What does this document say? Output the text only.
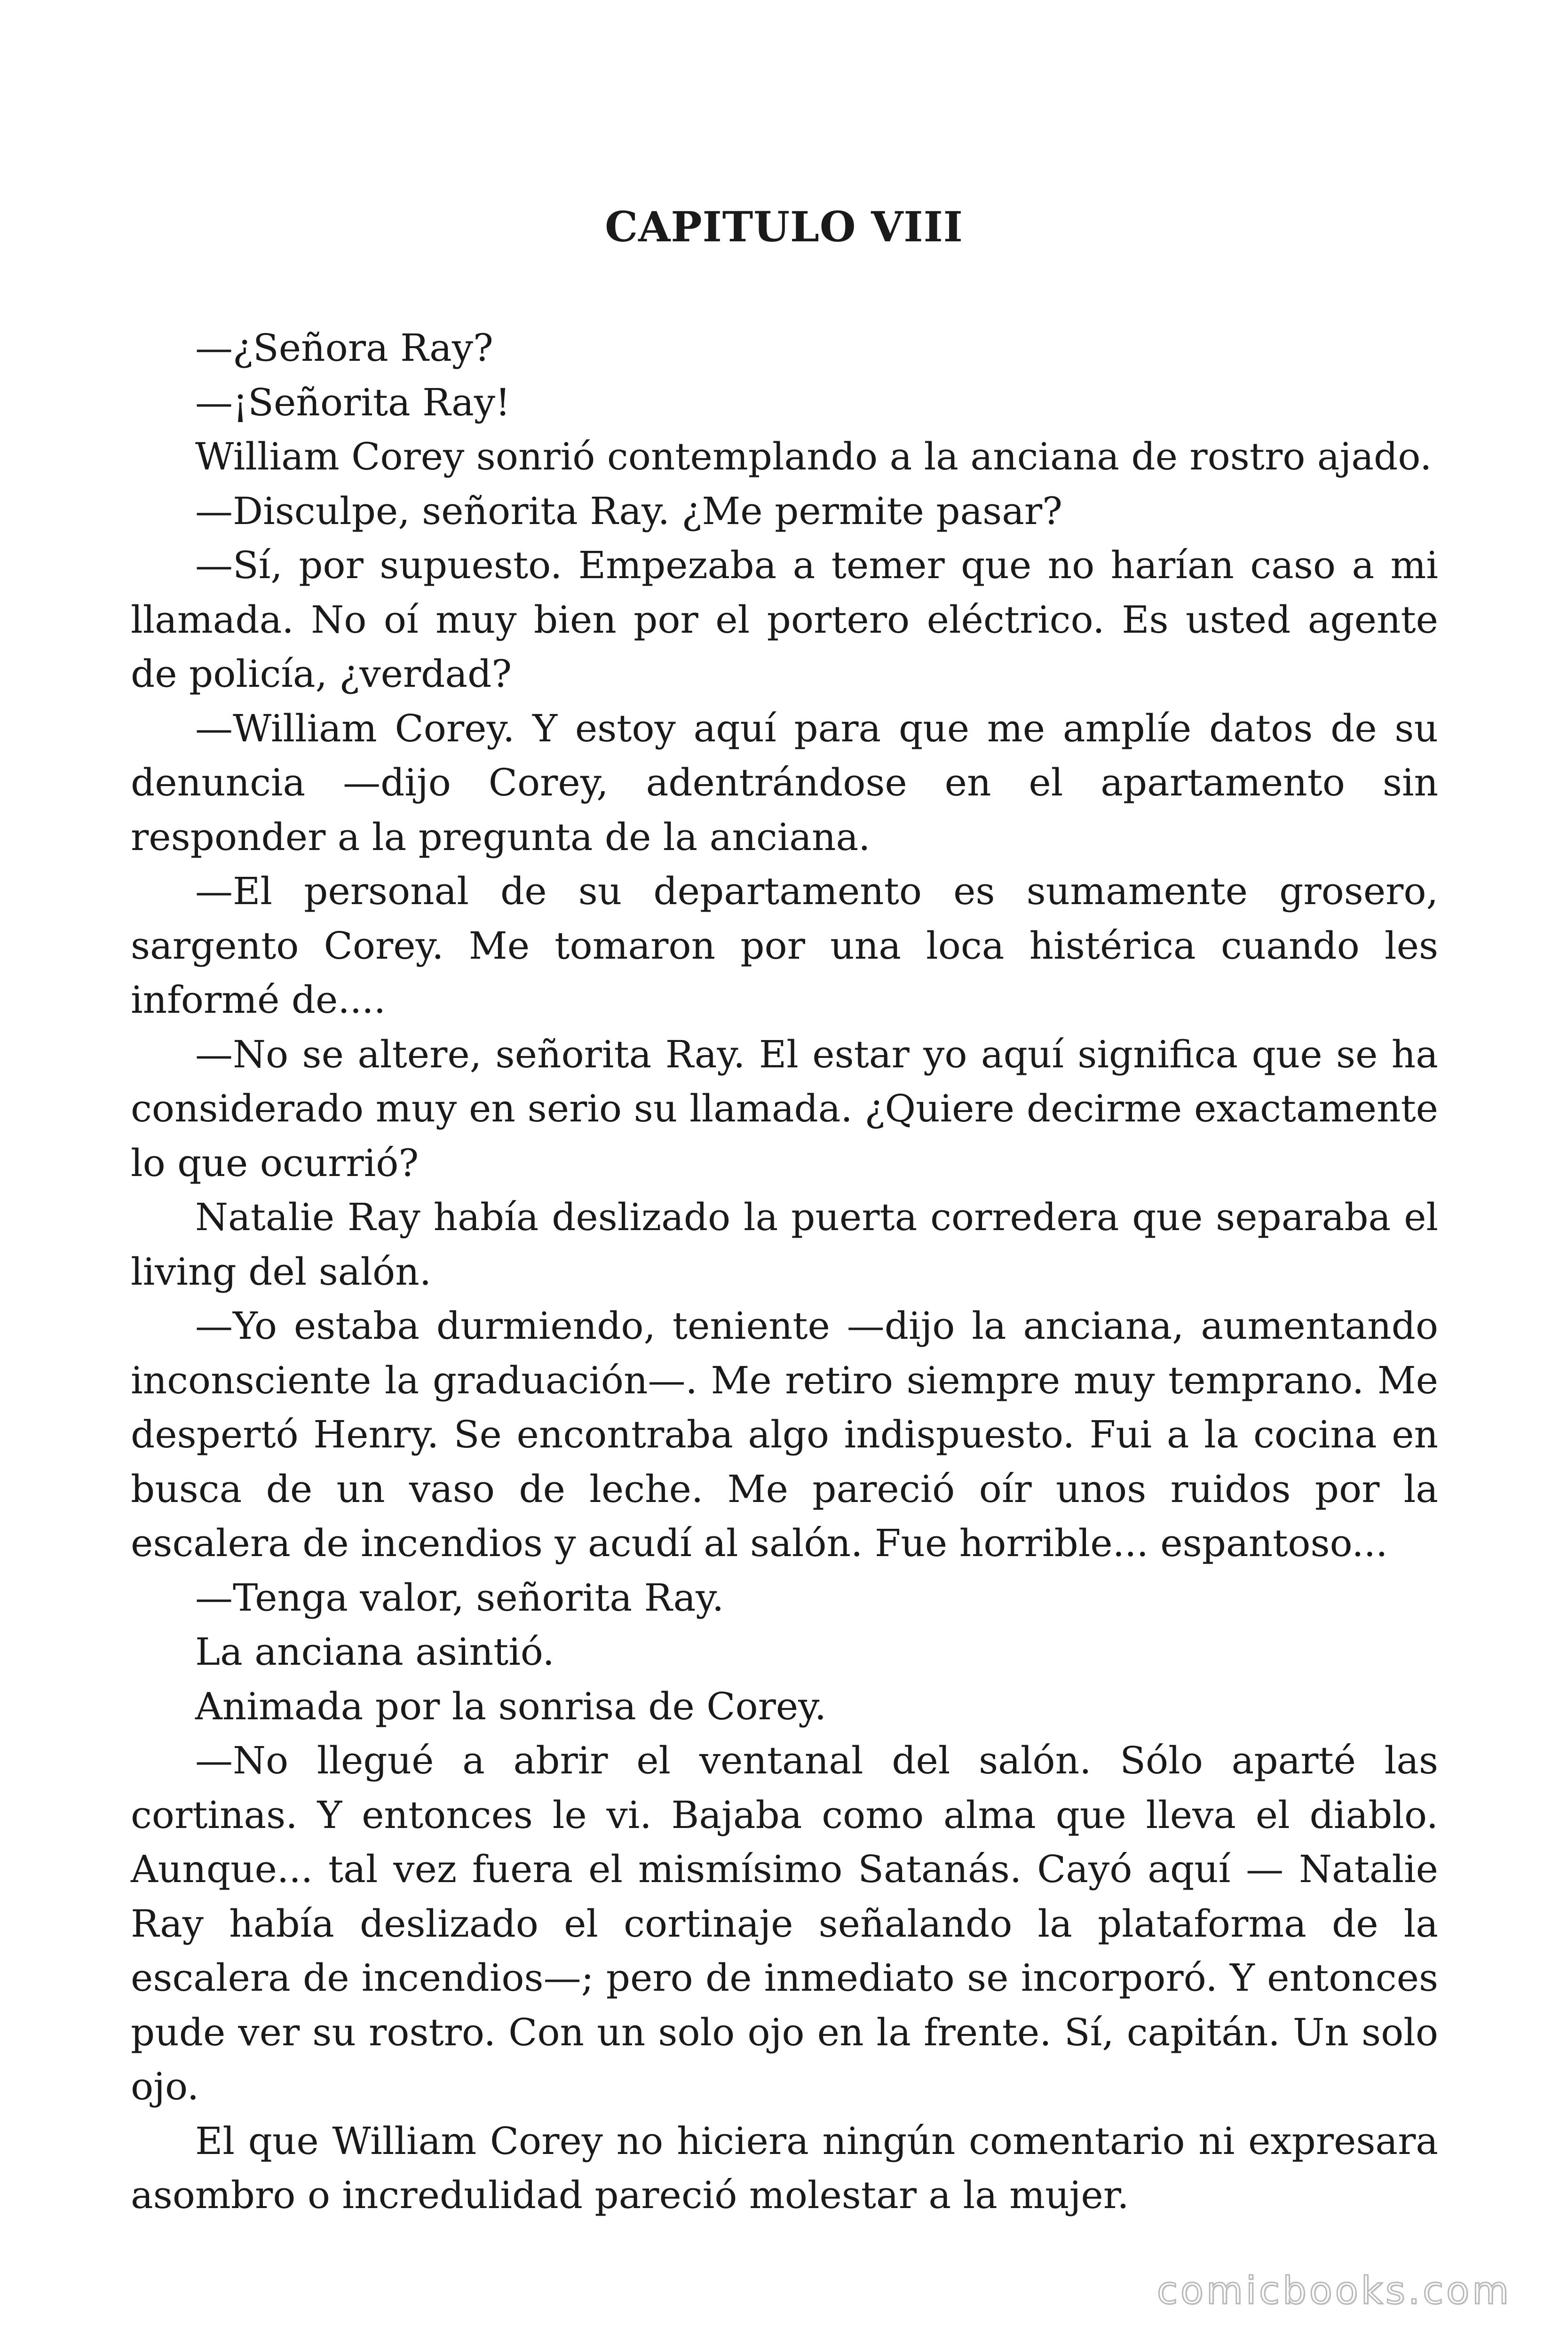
CAPITULO VIII

—¿Señora Ray?

—¡Señorita Ray!

William Corey sonrió contemplando a la anciana de rostro ajado.

—Disculpe, señorita Ray. ¿Me permite pasar?

—Sí, por supuesto. Empezaba a temer que no harían caso a mi llamada. No oí muy bien por el portero eléctrico. Es usted agente de policía, ¿verdad?

—William Corey. Y estoy aquí para que me amplíe datos de su denuncia —dijo Corey, adentrándose en el apartamento sin responder a la pregunta de la anciana.

—El personal de su departamento es sumamente grosero, sargento Corey. Me tomaron por una loca histérica cuando les informé de....

—No se altere, señorita Ray. El estar yo aquí significa que se ha considerado muy en serio su llamada. ¿Quiere decirme exactamente lo que ocurrió?

Natalie Ray había deslizado la puerta corredera que separaba el living del salón.

—Yo estaba durmiendo, teniente —dijo la anciana, aumentando inconsciente la graduación—. Me retiro siempre muy temprano. Me despertó Henry. Se encontraba algo indispuesto. Fui a la cocina en busca de un vaso de leche. Me pareció oír unos ruidos por la escalera de incendios y acudí al salón. Fue horrible... espantoso...

—Tenga valor, señorita Ray.

La anciana asintió.

Animada por la sonrisa de Corey.

—No llegué a abrir el ventanal del salón. Sólo aparté las cortinas. Y entonces le vi. Bajaba como alma que lleva el diablo. Aunque... tal vez fuera el mismísimo Satanás. Cayó aquí — Natalie Ray había deslizado el cortinaje señalando la plataforma de la escalera de incendios—; pero de inmediato se incorporó. Y entonces pude ver su rostro. Con un solo ojo en la frente. Sí, capitán. Un solo ojo.

El que William Corey no hiciera ningún comentario ni expresara asombro o incredulidad pareció molestar a la mujer.

comicbooks.com
